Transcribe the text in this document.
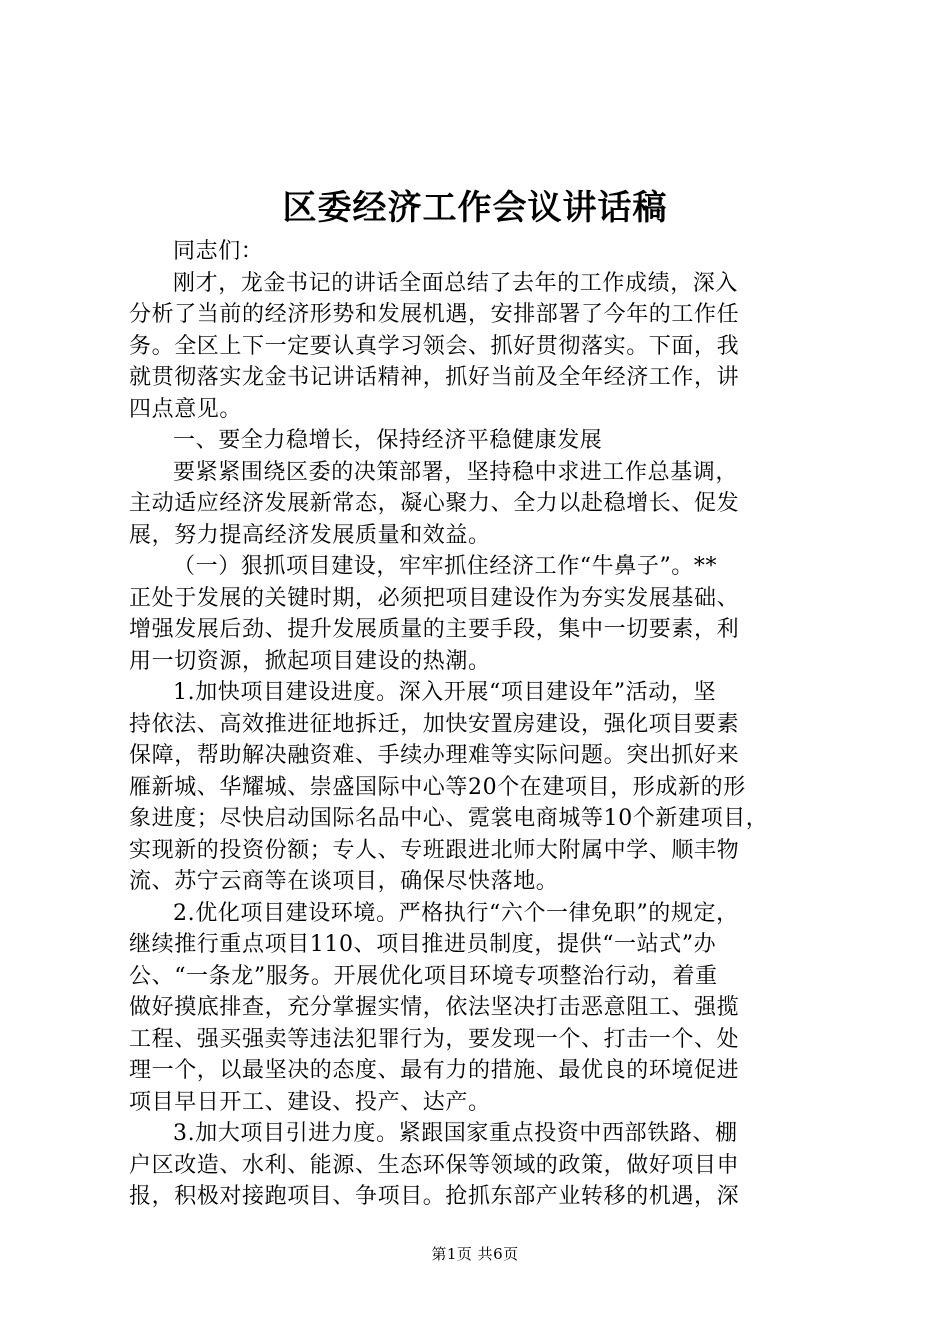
区委经济工作会议讲话稿
同志们：
刚才，龙金书记的讲话全面总结了去年的工作成绩，深入
分析了当前的经济形势和发展机遇，安排部署了今年的工作任
务。全区上下一定要认真学习领会、抓好贯彻落实。下面，我
就贯彻落实龙金书记讲话精神，抓好当前及全年经济工作，讲
四点意见。
一、要全力稳增长，保持经济平稳健康发展
要紧紧围绕区委的决策部署，坚持稳中求进工作总基调，
主动适应经济发展新常态，凝心聚力、全力以赴稳增长、促发
展，努力提高经济发展质量和效益。
（一）狠抓项目建设，牢牢抓住经济工作“牛鼻子”。**
正处于发展的关键时期，必须把项目建设作为夯实发展基础、
增强发展后劲、提升发展质量的主要手段，集中一切要素，利
用一切资源，掀起项目建设的热潮。
1.加快项目建设进度。深入开展“项目建设年”活动，坚
持依法、高效推进征地拆迁，加快安置房建设，强化项目要素
保障，帮助解决融资难、手续办理难等实际问题。突出抓好来
雁新城、华耀城、崇盛国际中心等20个在建项目，形成新的形
象进度；尽快启动国际名品中心、霓裳电商城等10个新建项目，
实现新的投资份额；专人、专班跟进北师大附属中学、顺丰物
流、苏宁云商等在谈项目，确保尽快落地。
2.优化项目建设环境。严格执行“六个一律免职”的规定，
继续推行重点项目110、项目推进员制度，提供“一站式”办
公、“一条龙”服务。开展优化项目环境专项整治行动，着重
做好摸底排查，充分掌握实情，依法坚决打击恶意阻工、强揽
工程、强买强卖等违法犯罪行为，要发现一个、打击一个、处
理一个，以最坚决的态度、最有力的措施、最优良的环境促进
项目早日开工、建设、投产、达产。
3.加大项目引进力度。紧跟国家重点投资中西部铁路、棚
户区改造、水利、能源、生态环保等领域的政策，做好项目申
报，积极对接跑项目、争项目。抢抓东部产业转移的机遇，深
第1页 共6页
